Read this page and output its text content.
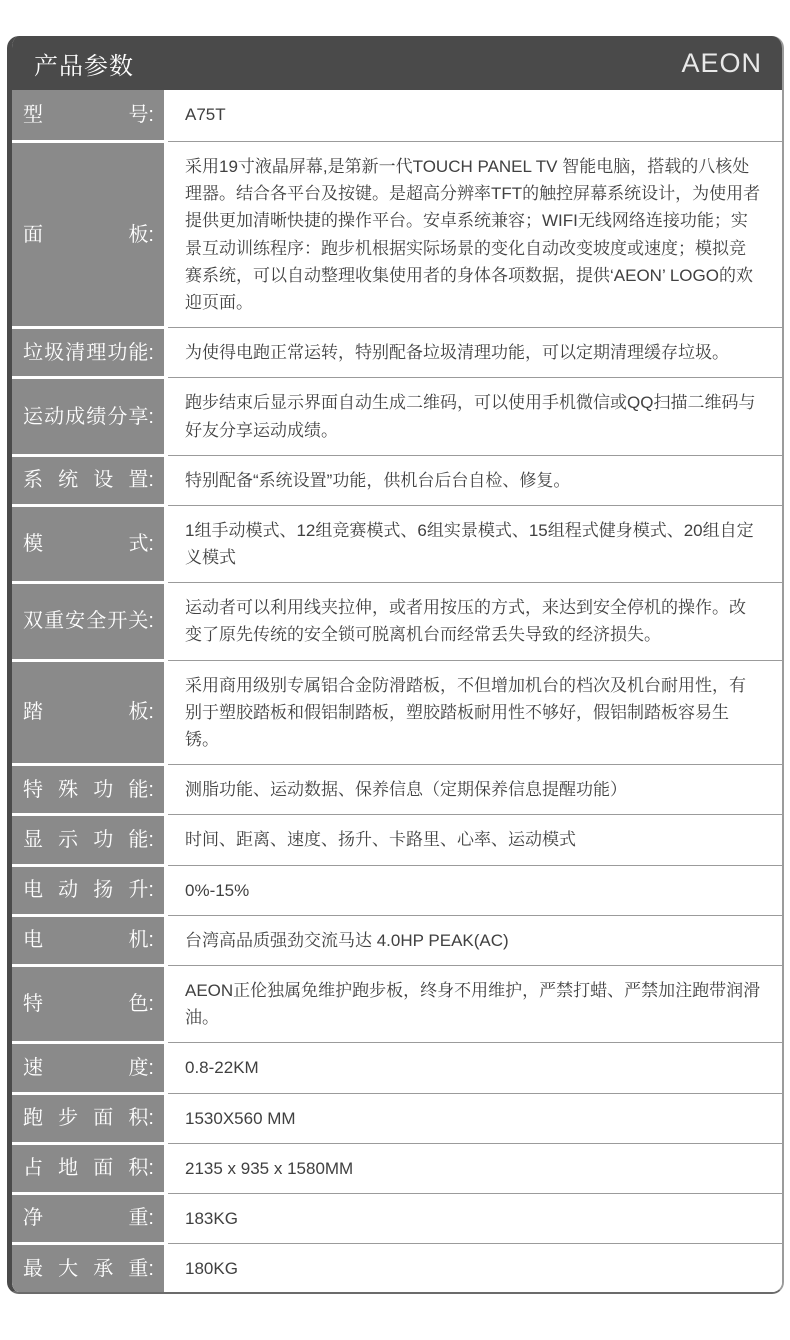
产品参数	AEON
型	号: A75T
面	板:
采用19寸液晶屏幕,是第新一代TOUCH PANEL TV 智能电脑，搭载的八核处理器。结合各平台及按键。是超高分辨率TFT的触控屏幕系统设计，为使用者提供更加清晰快捷的操作平台。安卓系统兼容；WIFI无线网络连接功能；实景互动训练程序：跑步机根据实际场景的变化自动改变坡度或速度；模拟竞赛系统，可以自动整理收集使用者的身体各项数据，提供‘AEON’ LOGO的欢迎页面。
垃 圾 清 理 功 能: 为使得电跑正常运转，特别配备垃圾清理功能，可以定期清理缓存垃圾。
运 动 成 绩 分 享:
跑步结束后显示界面自动生成二维码，可以使用手机微信或QQ扫描二维码与好友分享运动成绩。
系 统 设 置: 特别配备“系统设置”功能，供机台后台自检、修复。
模	式:
1组手动模式、12组竞赛模式、6组实景模式、15组程式健身模式、20组自定义模式
双 重 安 全 开 关:
运动者可以利用线夹拉伸，或者用按压的方式，来达到安全停机的操作。改变了原先传统的安全锁可脱离机台而经常丢失导致的经济损失。
踏	板:
采用商用级别专属铝合金防滑踏板，不但增加机台的档次及机台耐用性，有别于塑胶踏板和假铝制踏板，塑胶踏板耐用性不够好，假铝制踏板容易生锈。
特 殊 功 能: 测脂功能、运动数据、保养信息（定期保养信息提醒功能）
显 示 功 能: 时间、距离、速度、扬升、卡路里、心率、运动模式
电 动 扬 升: 0%-15%
电	机: 台湾高品质强劲交流马达 4.0HP PEAK(AC)
特	色:
AEON正伦独属免维护跑步板，终身不用维护，严禁打蜡、严禁加注跑带润滑油。
速	度: 0.8-22KM
跑 步 面 积: 1530X560 MM
占 地 面 积: 2135 x 935 x 1580MM
净	重: 183KG
最 大 承 重: 180KG
